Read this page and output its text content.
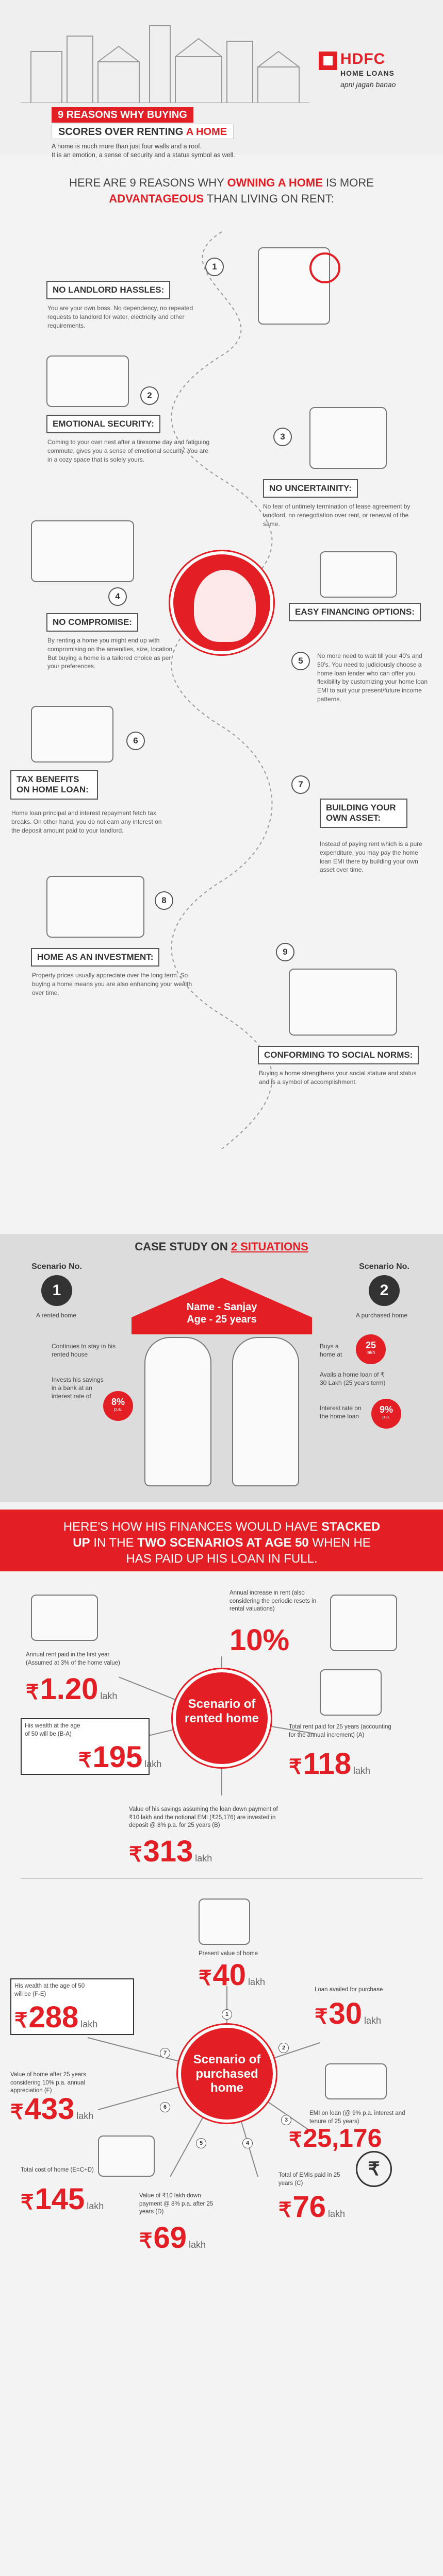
HDFC
HOME LOANS
apni jagah banao
9 REASONS WHY BUYING
SCORES OVER RENTING A HOME
A home is much more than just four walls and a roof.
It is an emotion, a sense of security and a status symbol as well.
HERE ARE 9 REASONS WHY OWNING A HOME IS MORE
ADVANTAGEOUS THAN LIVING ON RENT:
1
NO LANDLORD HASSLES:
You are your own boss. No dependency, no repeated requests to landlord for water, electricity and other requirements.
2
EMOTIONAL SECURITY:
Coming to your own nest after a tiresome day and fatiguing commute, gives you a sense of emotional security. You are in a cozy space that is solely yours.
3
NO UNCERTAINITY:
No fear of untimely termination of lease agreement by landlord, no renegotiation over rent, or renewal of the same.
4
NO COMPROMISE:
By renting a home you might end up with compromising on the amenities, size, location. But buying a home is a tailored choice as per your preferences.
EASY FINANCING OPTIONS:
5	No more need to wait till your 40's and 50's. You need to judiciously choose a home loan lender who can offer you flexibility by customizing your home loan EMI to suit your present/future income patterns.
6
TAX BENEFITS ON HOME LOAN:
Home loan principal and interest repayment fetch tax breaks. On other hand, you do not earn any interest on the deposit amount paid to your landlord.
7
BUILDING YOUR OWN ASSET:
Instead of paying rent which is a pure expenditure, you may pay the home loan EMI there by building your own asset over time.
8
HOME AS AN INVESTMENT:
Property prices usually appreciate over the long term. So buying a home means you are also enhancing your wealth over time.
9
CONFORMING TO SOCIAL NORMS:
Buying a home strengthens your social stature and status and is a symbol of accomplishment.
CASE STUDY ON 2 SITUATIONS
Scenario No.
1
A rented home
Scenario No.
2
A purchased home
Name - Sanjay
Age - 25 years
Continues to stay in his rented house
Invests his savings in a bank at an interest rate of
8%
p.a.
Buys a home at
25
lakh
Avails a home loan of ₹ 30 Lakh (25 years term)
Interest rate on the home loan
9%
p.a.
HERE'S HOW HIS FINANCES WOULD HAVE STACKED
UP IN THE TWO SCENARIOS AT AGE 50 WHEN HE
HAS PAID UP HIS LOAN IN FULL.
Scenario of rented home
Annual increase in rent (also considering the periodic resets in rental valuations)
10%
Annual rent paid in the first year (Assumed at 3% of the home value)
₹1.20 lakh
Total rent paid for 25 years (accounting for the annual increment) (A)
₹118 lakh
His wealth at the age of 50 will be (B-A)
₹195 lakh
Value of his savings assuming the loan down payment of ₹10 lakh and the notional EMI (₹25,176) are invested in deposit @ 8% p.a. for 25 years (B)
₹313 lakh
Scenario of purchased home
1
2
3
4
5
6
7
Present value of home
₹40 lakh
Loan availed for purchase
₹30 lakh
His wealth at the age of 50 will be (F-E)
₹288 lakh
Value of home after 25 years considering 10% p.a. annual appreciation (F)
₹433 lakh	EMI on loan (@ 9% p.a. interest and tenure of 25 years)
₹25,176
Total cost of home (E=C+D)
₹145 lakh
₹
Total of EMIs paid in 25 years (C)
₹76 lakh
Value of ₹10 lakh down payment @ 8% p.a. after 25 years (D)
₹69 lakh
